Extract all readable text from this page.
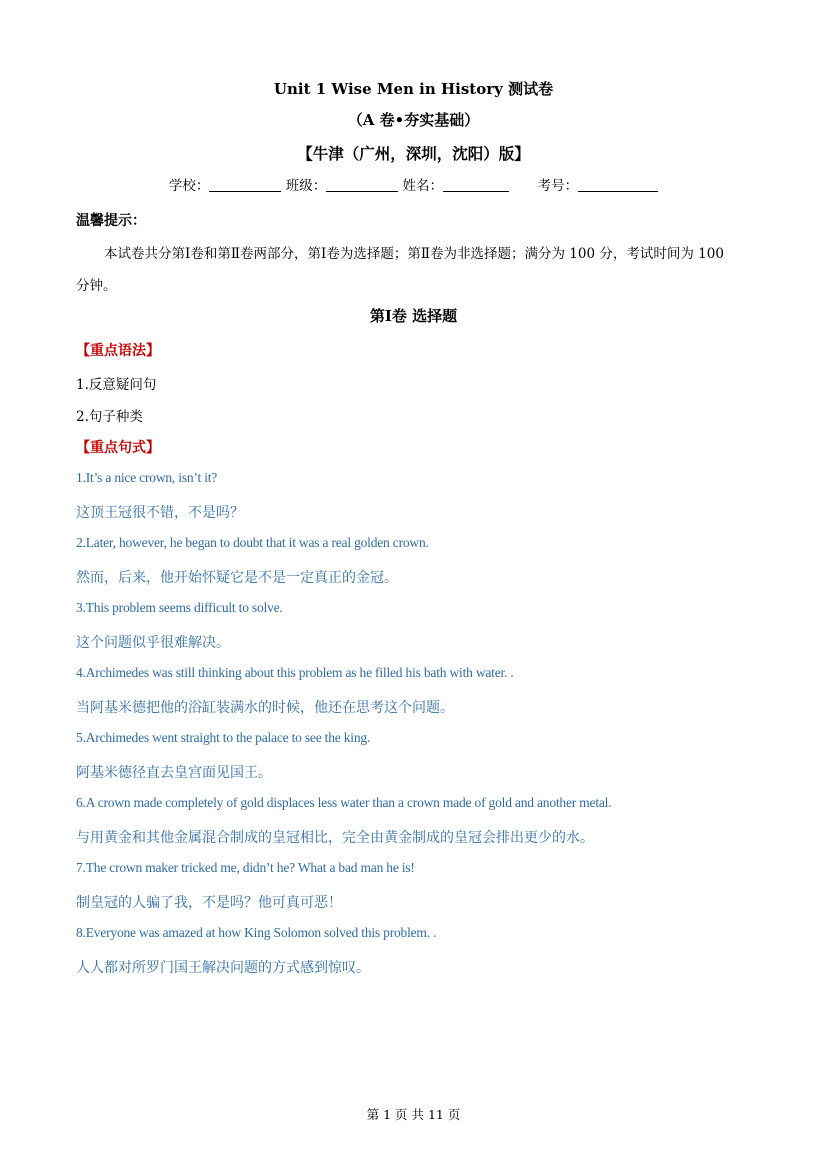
Unit 1 Wise Men in History 测试卷
（A 卷•夯实基础）
【牛津（广州，深圳，沈阳）版】
学校：	班级：	姓名：	考号：
温馨提示：
本试卷共分第Ⅰ卷和第Ⅱ卷两部分，第Ⅰ卷为选择题；第Ⅱ卷为非选择题；满分为 100 分，考试时间为 100
分钟。
第Ⅰ卷 选择题
【重点语法】
1.反意疑问句
2.句子种类
【重点句式】
1.It’s a nice crown, isn’t it?
这顶王冠很不错，不是吗？
2.Later, however, he began to doubt that it was a real golden crown.
然而，后来，他开始怀疑它是不是一定真正的金冠。
3.This problem seems difficult to solve.
这个问题似乎很难解决。
4.Archimedes was still thinking about this problem as he filled his bath with water. .
当阿基米德把他的浴缸装满水的时候，他还在思考这个问题。
5.Archimedes went straight to the palace to see the king.
阿基米德径直去皇宫面见国王。
6.A crown made completely of gold displaces less water than a crown made of gold and another metal.
与用黄金和其他金属混合制成的皇冠相比，完全由黄金制成的皇冠会排出更少的水。
7.The crown maker tricked me, didn’t he? What a bad man he is!
制皇冠的人骗了我，不是吗？他可真可恶！
8.Everyone was amazed at how King Solomon solved this problem. .
人人都对所罗门国王解决问题的方式感到惊叹。
第 1 页 共 11 页
